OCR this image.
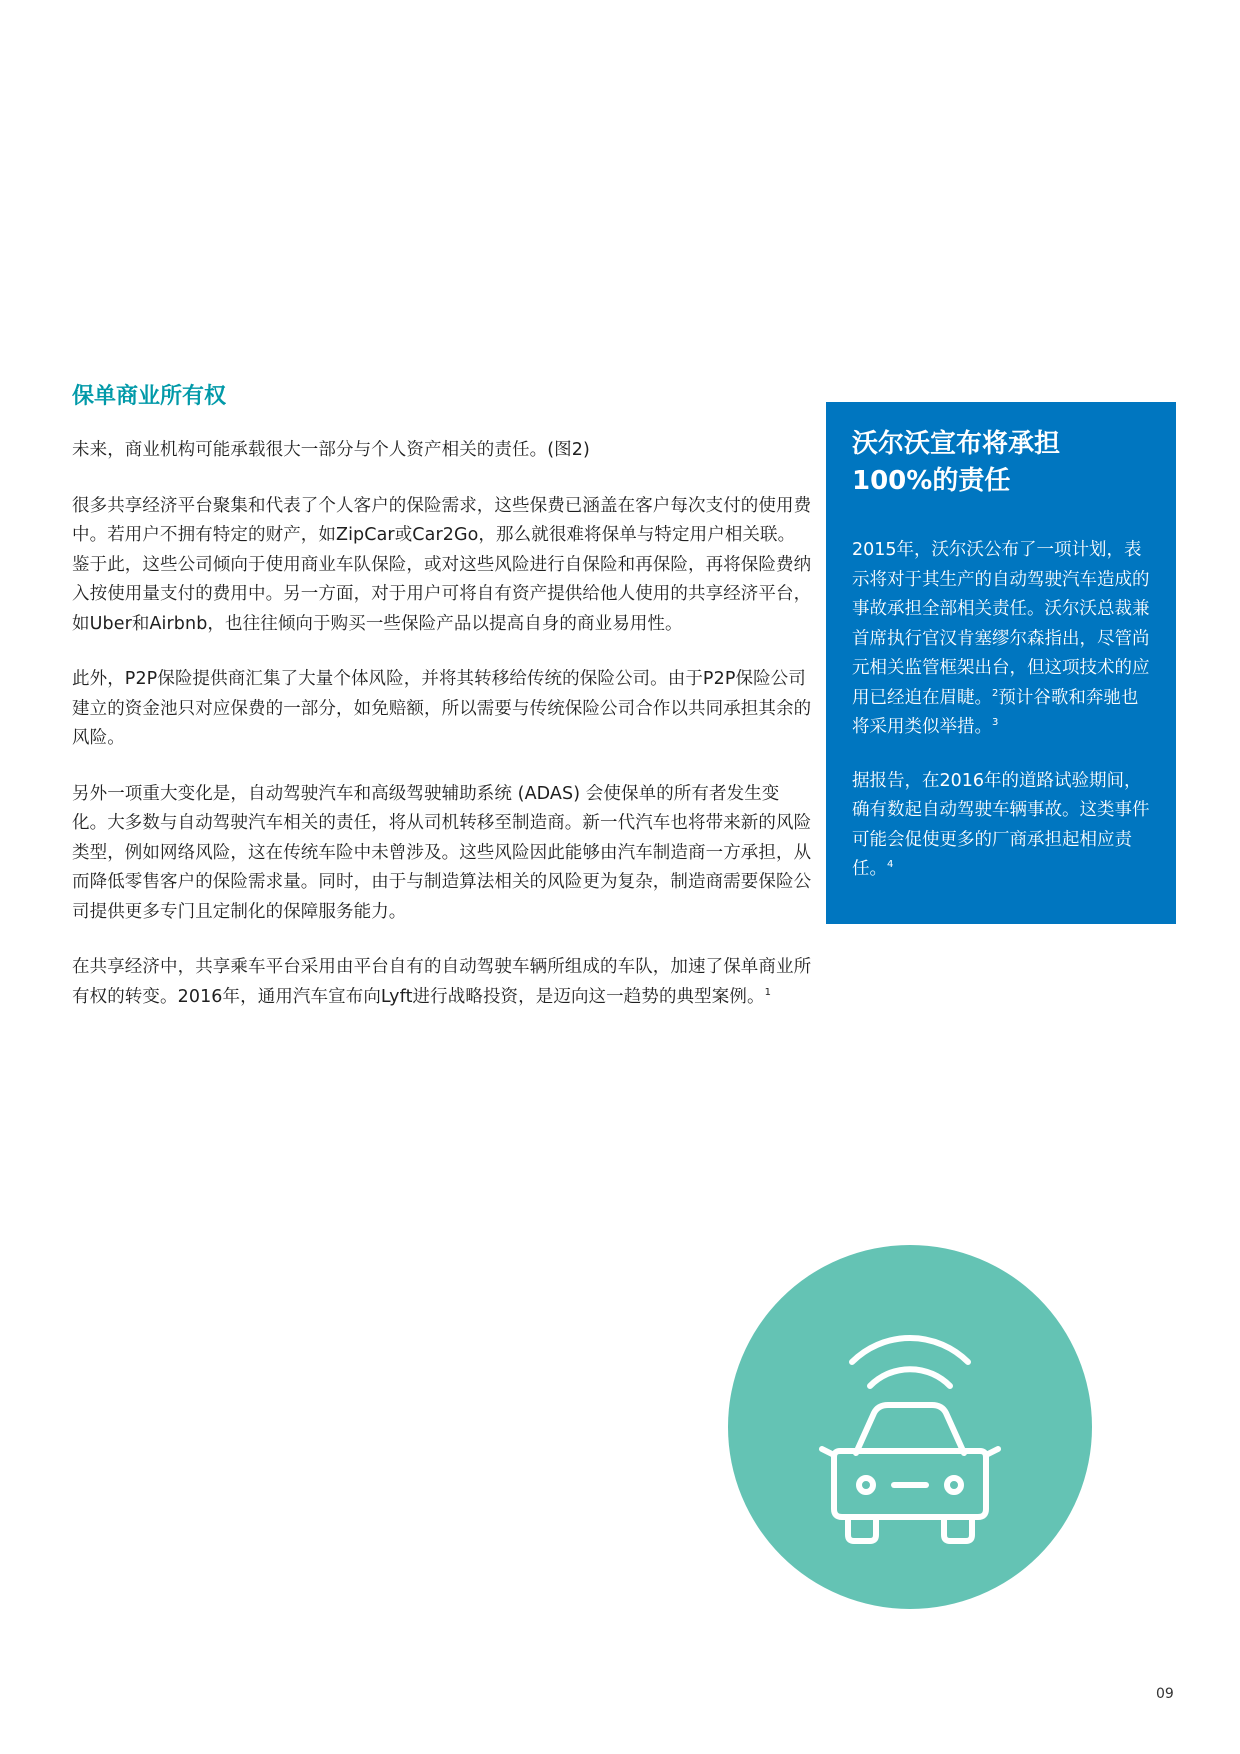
保单商业所有权

未来，商业机构可能承载很大一部分与个人资产相关的责任。(图2)

很多共享经济平台聚集和代表了个人客户的保险需求，这些保费已涵盖在客户每次支付的使用费中。若用户不拥有特定的财产，如ZipCar或Car2Go，那么就很难将保单与特定用户相关联。鉴于此，这些公司倾向于使用商业车队保险，或对这些风险进行自保险和再保险，再将保险费纳入按使用量支付的费用中。另一方面，对于用户可将自有资产提供给他人使用的共享经济平台，如Uber和Airbnb，也往往倾向于购买一些保险产品以提高自身的商业易用性。

此外，P2P保险提供商汇集了大量个体风险，并将其转移给传统的保险公司。由于P2P保险公司建立的资金池只对应保费的一部分，如免赔额，所以需要与传统保险公司合作以共同承担其余的风险。

另外一项重大变化是，自动驾驶汽车和高级驾驶辅助系统 (ADAS) 会使保单的所有者发生变化。大多数与自动驾驶汽车相关的责任，将从司机转移至制造商。新一代汽车也将带来新的风险类型，例如网络风险，这在传统车险中未曾涉及。这些风险因此能够由汽车制造商一方承担，从而降低零售客户的保险需求量。同时，由于与制造算法相关的风险更为复杂，制造商需要保险公司提供更多专门且定制化的保障服务能力。

在共享经济中，共享乘车平台采用由平台自有的自动驾驶车辆所组成的车队，加速了保单商业所有权的转变。2016年，通用汽车宣布向Lyft进行战略投资，是迈向这一趋势的典型案例。$^1$

沃尔沃宣布将承担
100%的责任

2015年，沃尔沃公布了一项计划，表示将对于其生产的自动驾驶汽车造成的事故承担全部相关责任。沃尔沃总裁兼首席执行官汉肯塞缪尔森指出，尽管尚元相关监管框架出台，但这项技术的应用已经迫在眉睫。$^2$预计谷歌和奔驰也将采用类似举措。$^3$

据报告，在2016年的道路试验期间，确有数起自动驾驶车辆事故。这类事件可能会促使更多的厂商承担起相应责任。$^4$

09
